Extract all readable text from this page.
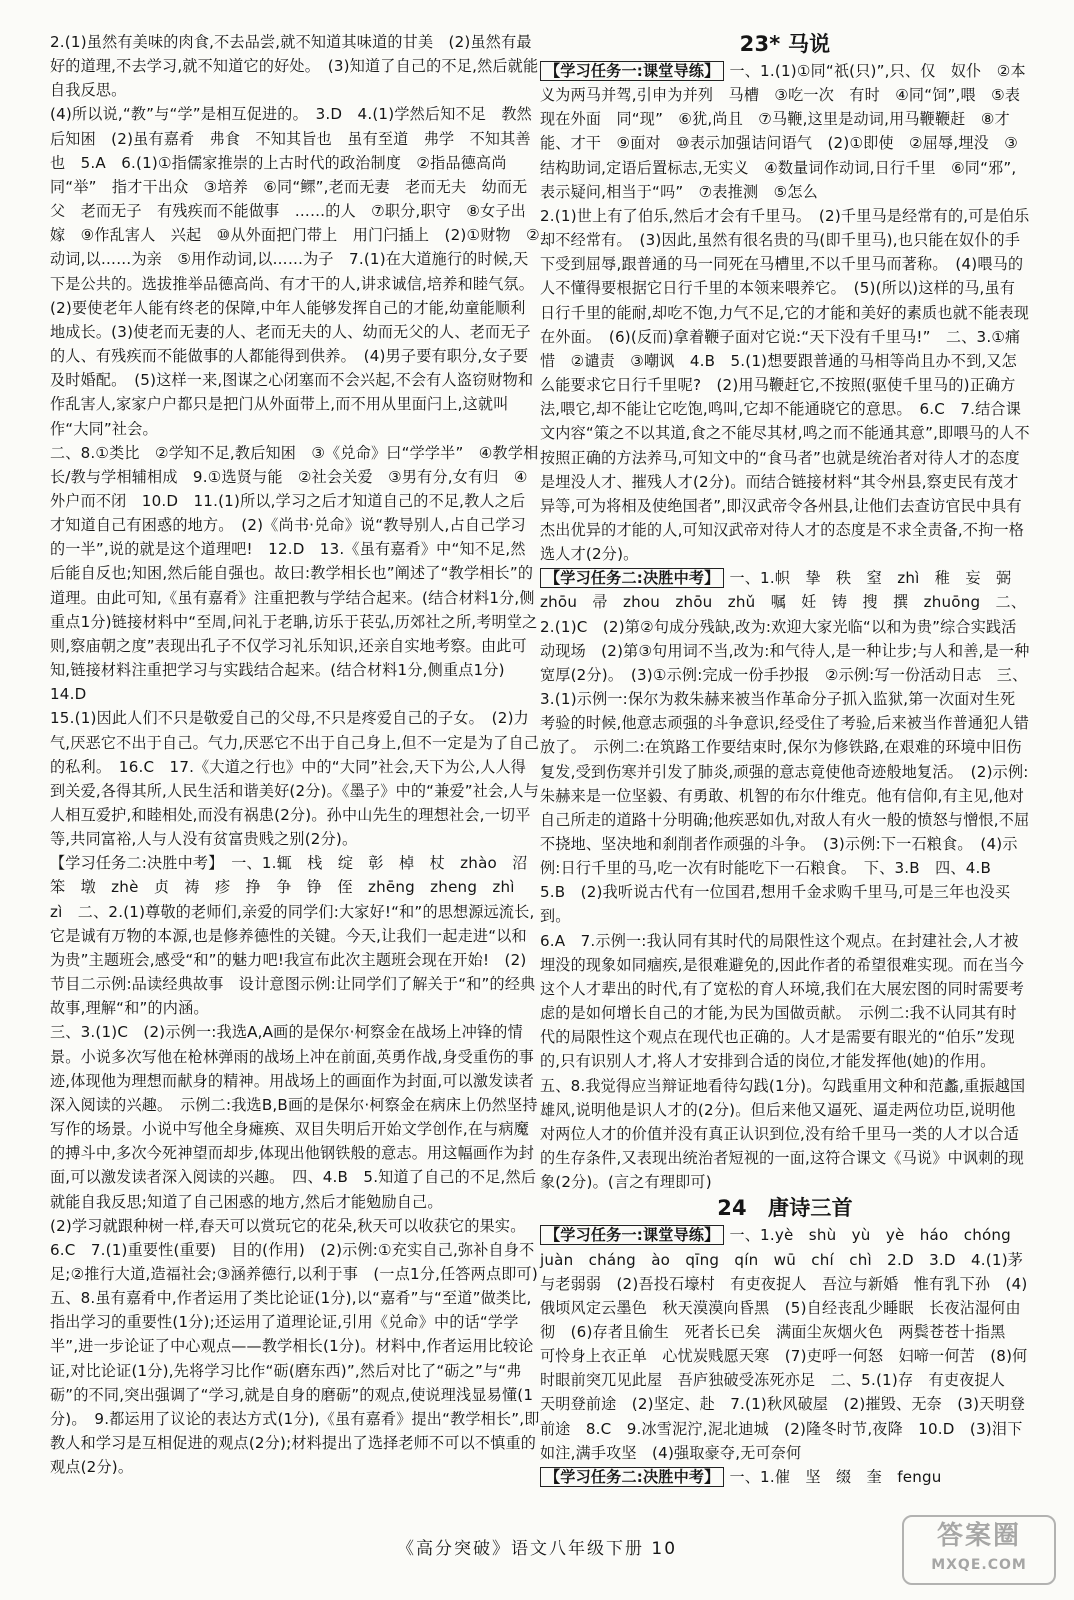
2.(1)虽然有美味的肉食,不去品尝,就不知道其味道的甘美　(2)虽然有最好的道理,不去学习,就不知道它的好处。　(3)知道了自己的不足,然后就能自我反思。

(4)所以说,“教”与“学”是相互促进的。　3.D　4.(1)学然后知不足　教然后知困　(2)虽有嘉肴　弗食　不知其旨也　虽有至道　弗学　不知其善也　5.A　6.(1)①指儒家推崇的上古时代的政治制度　②指品德高尚　同“举”　指才干出众　③培养　⑥同“鳏”,老而无妻　老而无夫　幼而无父　老而无子　有残疾而不能做事　……的人　⑦职分,职守　⑧女子出嫁　⑨作乱害人　兴起　⑩从外面把门带上　用门闩插上　(2)①财物　②动词,以……为亲　⑤用作动词,以……为子　7.(1)在大道施行的时候,天下是公共的。选拔推举品德高尚、有才干的人,讲求诚信,培养和睦气氛。　(2)要使老年人能有终老的保障,中年人能够发挥自己的才能,幼童能顺利地成长。(3)使老而无妻的人、老而无夫的人、幼而无父的人、老而无子的人、有残疾而不能做事的人都能得到供养。　(4)男子要有职分,女子要及时婚配。　(5)这样一来,图谋之心闭塞而不会兴起,不会有人盗窃财物和作乱害人,家家户户都只是把门从外面带上,而不用从里面闩上,这就叫作“大同”社会。

二、8.①类比　②学知不足,教后知困　③《兑命》曰“学学半”　④教学相长/教与学相辅相成　9.①选贤与能　②社会关爱　③男有分,女有归　④外户而不闭　10.D　11.(1)所以,学习之后才知道自己的不足,教人之后才知道自己有困惑的地方。　(2)《尚书·兑命》说“教导别人,占自己学习的一半”,说的就是这个道理吧!　12.D　13.《虽有嘉肴》中“知不足,然后能自反也;知困,然后能自强也。故曰:教学相长也”阐述了“教学相长”的道理。由此可知,《虽有嘉肴》注重把教与学结合起来。(结合材料1分,侧重点1分)链接材料中“至周,问礼于老聃,访乐于苌弘,历郊社之所,考明堂之则,察庙朝之度”表现出孔子不仅学习礼乐知识,还亲自实地考察。由此可知,链接材料注重把学习与实践结合起来。(结合材料1分,侧重点1分)　14.D

15.(1)因此人们不只是敬爱自己的父母,不只是疼爱自己的子女。　(2)力气,厌恶它不出于自己。气力,厌恶它不出于自己身上,但不一定是为了自己的私利。　16.C　17.《大道之行也》中的“大同”社会,天下为公,人人得到关爱,各得其所,人民生活和谐美好(2分)。《墨子》中的“兼爱”社会,人与人相互爱护,和睦相处,而没有祸患(2分)。孙中山先生的理想社会,一切平等,共同富裕,人与人没有贫富贵贱之别(2分)。

【学习任务二:决胜中考】　一、1.辄　栈　绽　彰　棹　杖　zhào　沼　笨　墩　zhè　贞　祷　疹　挣　争　铮　侄　zhēng　zheng　zhì　zì　二、2.(1)尊敬的老师们,亲爱的同学们:大家好!“和”的思想源远流长,它是诚有万物的本源,也是修养德性的关键。今天,让我们一起走进“以和为贵”主题班会,感受“和”的魅力吧!我宣布此次主题班会现在开始!　(2)节目二示例:品读经典故事　设计意图示例:让同学们了解关于“和”的经典故事,理解“和”的内涵。

三、3.(1)C　(2)示例一:我选A,A画的是保尔·柯察金在战场上冲锋的情景。小说多次写他在枪林弹雨的战场上冲在前面,英勇作战,身受重伤的事迹,体现他为理想而献身的精神。用战场上的画面作为封面,可以激发读者深入阅读的兴趣。　示例二:我选B,B画的是保尔·柯察金在病床上仍然坚持写作的场景。小说中写他全身瘫痪、双目失明后开始文学创作,在与病魔的搏斗中,多次今死神望而却步,体现出他钢铁般的意志。用这幅画作为封面,可以激发读者深入阅读的兴趣。　四、4.B　5.知道了自己的不足,然后就能自我反思;知道了自己困惑的地方,然后才能勉励自己。

(2)学习就跟种树一样,春天可以赏玩它的花朵,秋天可以收获它的果实。　6.C　7.(1)重要性(重要)　目的(作用)　(2)示例:①充实自己,弥补自身不足;②推行大道,造福社会;③涵养德行,以利于事　(一点1分,任答两点即可)

五、8.虽有嘉肴中,作者运用了类比论证(1分),以“嘉肴”与“至道”做类比,指出学习的重要性(1分);还运用了道理论证,引用《兑命》中的话“学学半”,进一步论证了中心观点——教学相长(1分)。材料中,作者运用比较论证,对比论证(1分),先将学习比作“砺(磨东西)”,然后对比了“砺之”与“弗砺”的不同,突出强调了“学习,就是自身的磨砺”的观点,使说理浅显易懂(1分)。　9.都运用了议论的表达方式(1分),《虽有嘉肴》提出“教学相长”,即教人和学习是互相促进的观点(2分);材料提出了选择老师不可以不慎重的观点(2分)。

23* 马说

【学习任务一:课堂导练】 一、1.(1)①同“祇(只)”,只、仅　奴仆　②本义为两马并驾,引申为并列　马槽　③吃一次　有时　④同“饲”,喂　⑤表现在外面　同“现”　⑥犹,尚且　⑦马鞭,这里是动词,用马鞭鞭赶　⑧才能、才干　⑨面对　⑩表示加强诘问语气　(2)①即使　②屈辱,埋没　③结构助词,定语后置标志,无实义　④数量词作动词,日行千里　⑥同“邪”,表示疑问,相当于“吗”　⑦表推测　⑤怎么

2.(1)世上有了伯乐,然后才会有千里马。　(2)千里马是经常有的,可是伯乐却不经常有。　(3)因此,虽然有很名贵的马(即千里马),也只能在奴仆的手下受到屈辱,跟普通的马一同死在马槽里,不以千里马而著称。　(4)喂马的人不懂得要根据它日行千里的本领来喂养它。　(5)(所以)这样的马,虽有日行千里的能耐,却吃不饱,力气不足,它的才能和美好的素质也就不能表现在外面。　(6)(反而)拿着鞭子面对它说:“天下没有千里马!”　二、3.①痛惜　②谴责　③嘲讽　4.B　5.(1)想要跟普通的马相等尚且办不到,又怎么能要求它日行千里呢?　(2)用马鞭赶它,不按照(驱使千里马的)正确方法,喂它,却不能让它吃饱,鸣叫,它却不能通晓它的意思。　6.C　7.结合课文内容“策之不以其道,食之不能尽其材,鸣之而不能通其意”,即喂马的人不按照正确的方法养马,可知文中的“食马者”也就是统治者对待人才的态度是埋没人才、摧残人才(2分)。而结合链接材料“其令州县,察吏民有茂才异等,可为将相及使绝国者”,即汉武帝令各州县,让他们去查访官民中具有杰出优异的才能的人,可知汉武帝对待人才的态度是不求全责备,不拘一格选人才(2分)。

【学习任务二:决胜中考】 一、1.帜　挚　秩　窒　zhì　稚　妄　弼　zhōu　帚　zhou　zhōu　zhǔ　嘱　妊　铸　搜　撰　zhuōng　二、2.(1)C　(2)第②句成分残缺,改为:欢迎大家光临“以和为贵”综合实践活动现场　(2)第③句用词不当,改为:和气待人,是一种让步;与人和善,是一种宽厚(2分)。　(3)①示例:完成一份手抄报　②示例:写一份活动日志　三、3.(1)示例一:保尔为救朱赫来被当作革命分子抓入监狱,第一次面对生死考验的时候,他意志顽强的斗争意识,经受住了考验,后来被当作普通犯人错放了。　示例二:在筑路工作要结束时,保尔为修铁路,在艰难的环境中旧伤复发,受到伤寒并引发了肺炎,顽强的意志竟使他奇迹般地复活。　(2)示例:朱赫来是一位坚毅、有勇敢、机智的布尔什维克。他有信仰,有主见,他对自己所走的道路十分明确;他疾恶如仇,对敌人有火一般的愤怒与憎恨,不屈不挠地、坚决地和刹削者作顽强的斗争。　(3)示例:下一石粮食。　(4)示例:日行千里的马,吃一次有时能吃下一石粮食。　下、3.B　四、4.B　5.B　(2)我听说古代有一位国君,想用千金求购千里马,可是三年也没买到。

6.A　7.示例一:我认同有其时代的局限性这个观点。在封建社会,人才被埋没的现象如同痼疾,是很难避免的,因此作者的希望很难实现。而在当今这个人才辈出的时代,有了宽松的育人环境,我们在大展宏图的同时需要考虑的是如何增长自己的才能,为民为国做贡献。　示例二:我不认同其有时代的局限性这个观点在现代也正确的。人才是需要有眼光的“伯乐”发现的,只有识别人才,将人才安排到合适的岗位,才能发挥他(她)的作用。　五、8.我觉得应当辩证地看待勾践(1分)。勾践重用文种和范蠡,重振越国雄风,说明他是识人才的(2分)。但后来他又逼死、逼走两位功臣,说明他对两位人才的价值并没有真正认识到位,没有给千里马一类的人才以合适的生存条件,又表现出统治者短视的一面,这符合课文《马说》中讽刺的现象(2分)。(言之有理即可)

24　唐诗三首

【学习任务一:课堂导练】 一、1.yè　shù　yù　yè　háo　chóng　juàn　cháng　ào　qīng　qín　wū　chí　chì　2.D　3.D　4.(1)茅与老弱弱　(2)吾投石壕村　有吏夜捉人　吾泣与新婚　惟有乳下孙　(4)俄顷风定云墨色　秋天漠漠向昏黑　(5)自经丧乱少睡眠　长夜沾湿何由彻　(6)存者且偷生　死者长已矣　满面尘灰烟火色　两鬓苍苍十指黑　可怜身上衣正单　心忧炭贱愿天寒　(7)吏呼一何怒　妇啼一何苦　(8)何时眼前突兀见此屋　吾庐独破受冻死亦足　二、5.(1)存　有吏夜捉人　天明登前途　(2)坚定、赴　7.(1)秋风破屋　(2)摧毁、无奈　(3)天明登前途　8.C　9.冰雪泥泞,泥北迪城　(2)隆冬时节,夜降　10.D　(3)泪下如注,满手攻坚　(4)强取豪夺,无可奈何

【学习任务二:决胜中考】 一、1.催　坚　缀　奎　fengu

《高分突破》语文八年级下册 10	答案圈
MXQE.COM
